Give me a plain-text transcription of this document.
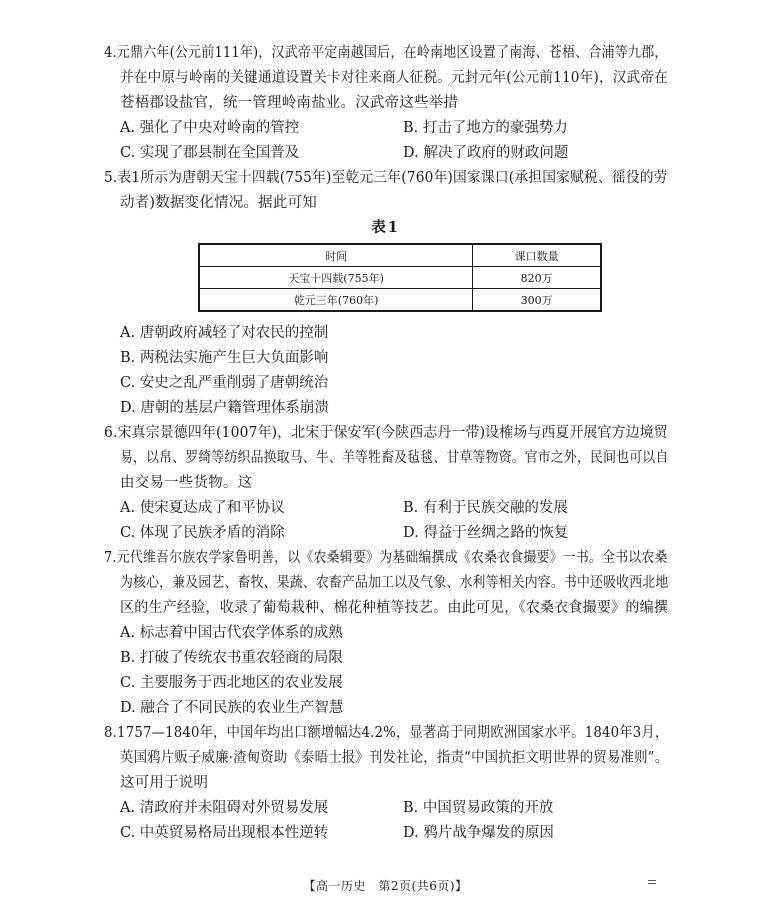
4.元鼎六年(公元前111年)，汉武帝平定南越国后，在岭南地区设置了南海、苍梧、合浦等九郡，
并在中原与岭南的关键通道设置关卡对往来商人征税。元封元年(公元前110年)，汉武帝在
苍梧郡设盐官，统一管理岭南盐业。汉武帝这些举措
A. 强化了中央对岭南的管控	B. 打击了地方的豪强势力
C. 实现了郡县制在全国普及	D. 解决了政府的财政问题
5.表1所示为唐朝天宝十四载(755年)至乾元三年(760年)国家课口(承担国家赋税、徭役的劳
动者)数据变化情况。据此可知
表1
时间	课口数量
天宝十四载(755年)	820万
乾元三年(760年)	300万
A. 唐朝政府减轻了对农民的控制
B. 两税法实施产生巨大负面影响
C. 安史之乱严重削弱了唐朝统治
D. 唐朝的基层户籍管理体系崩溃
6.宋真宗景德四年(1007年)，北宋于保安军(今陕西志丹一带)设榷场与西夏开展官方边境贸
易，以帛、罗绮等纺织品换取马、牛、羊等牲畜及毡毯、甘草等物资。官市之外，民间也可以自
由交易一些货物。这
A. 使宋夏达成了和平协议	B. 有利于民族交融的发展
C. 体现了民族矛盾的消除	D. 得益于丝绸之路的恢复
7.元代维吾尔族农学家鲁明善，以《农桑辑要》为基础编撰成《农桑衣食撮要》一书。全书以农桑
为核心，兼及园艺、畜牧、果蔬、农畜产品加工以及气象、水利等相关内容。书中还吸收西北地
区的生产经验，收录了葡萄栽种、棉花种植等技艺。由此可见，《农桑衣食撮要》的编撰
A. 标志着中国古代农学体系的成熟
B. 打破了传统农书重农轻商的局限
C. 主要服务于西北地区的农业发展
D. 融合了不同民族的农业生产智慧
8.1757—1840年，中国年均出口额增幅达4.2%，显著高于同期欧洲国家水平。1840年3月，
英国鸦片贩子威廉·渣甸资助《泰晤士报》刊发社论，指责“中国抗拒文明世界的贸易准则”。
这可用于说明
A. 清政府并未阻碍对外贸易发展	B. 中国贸易政策的开放
C. 中英贸易格局出现根本性逆转	D. 鸦片战争爆发的原因
【高一历史　第2页(共6页)】
